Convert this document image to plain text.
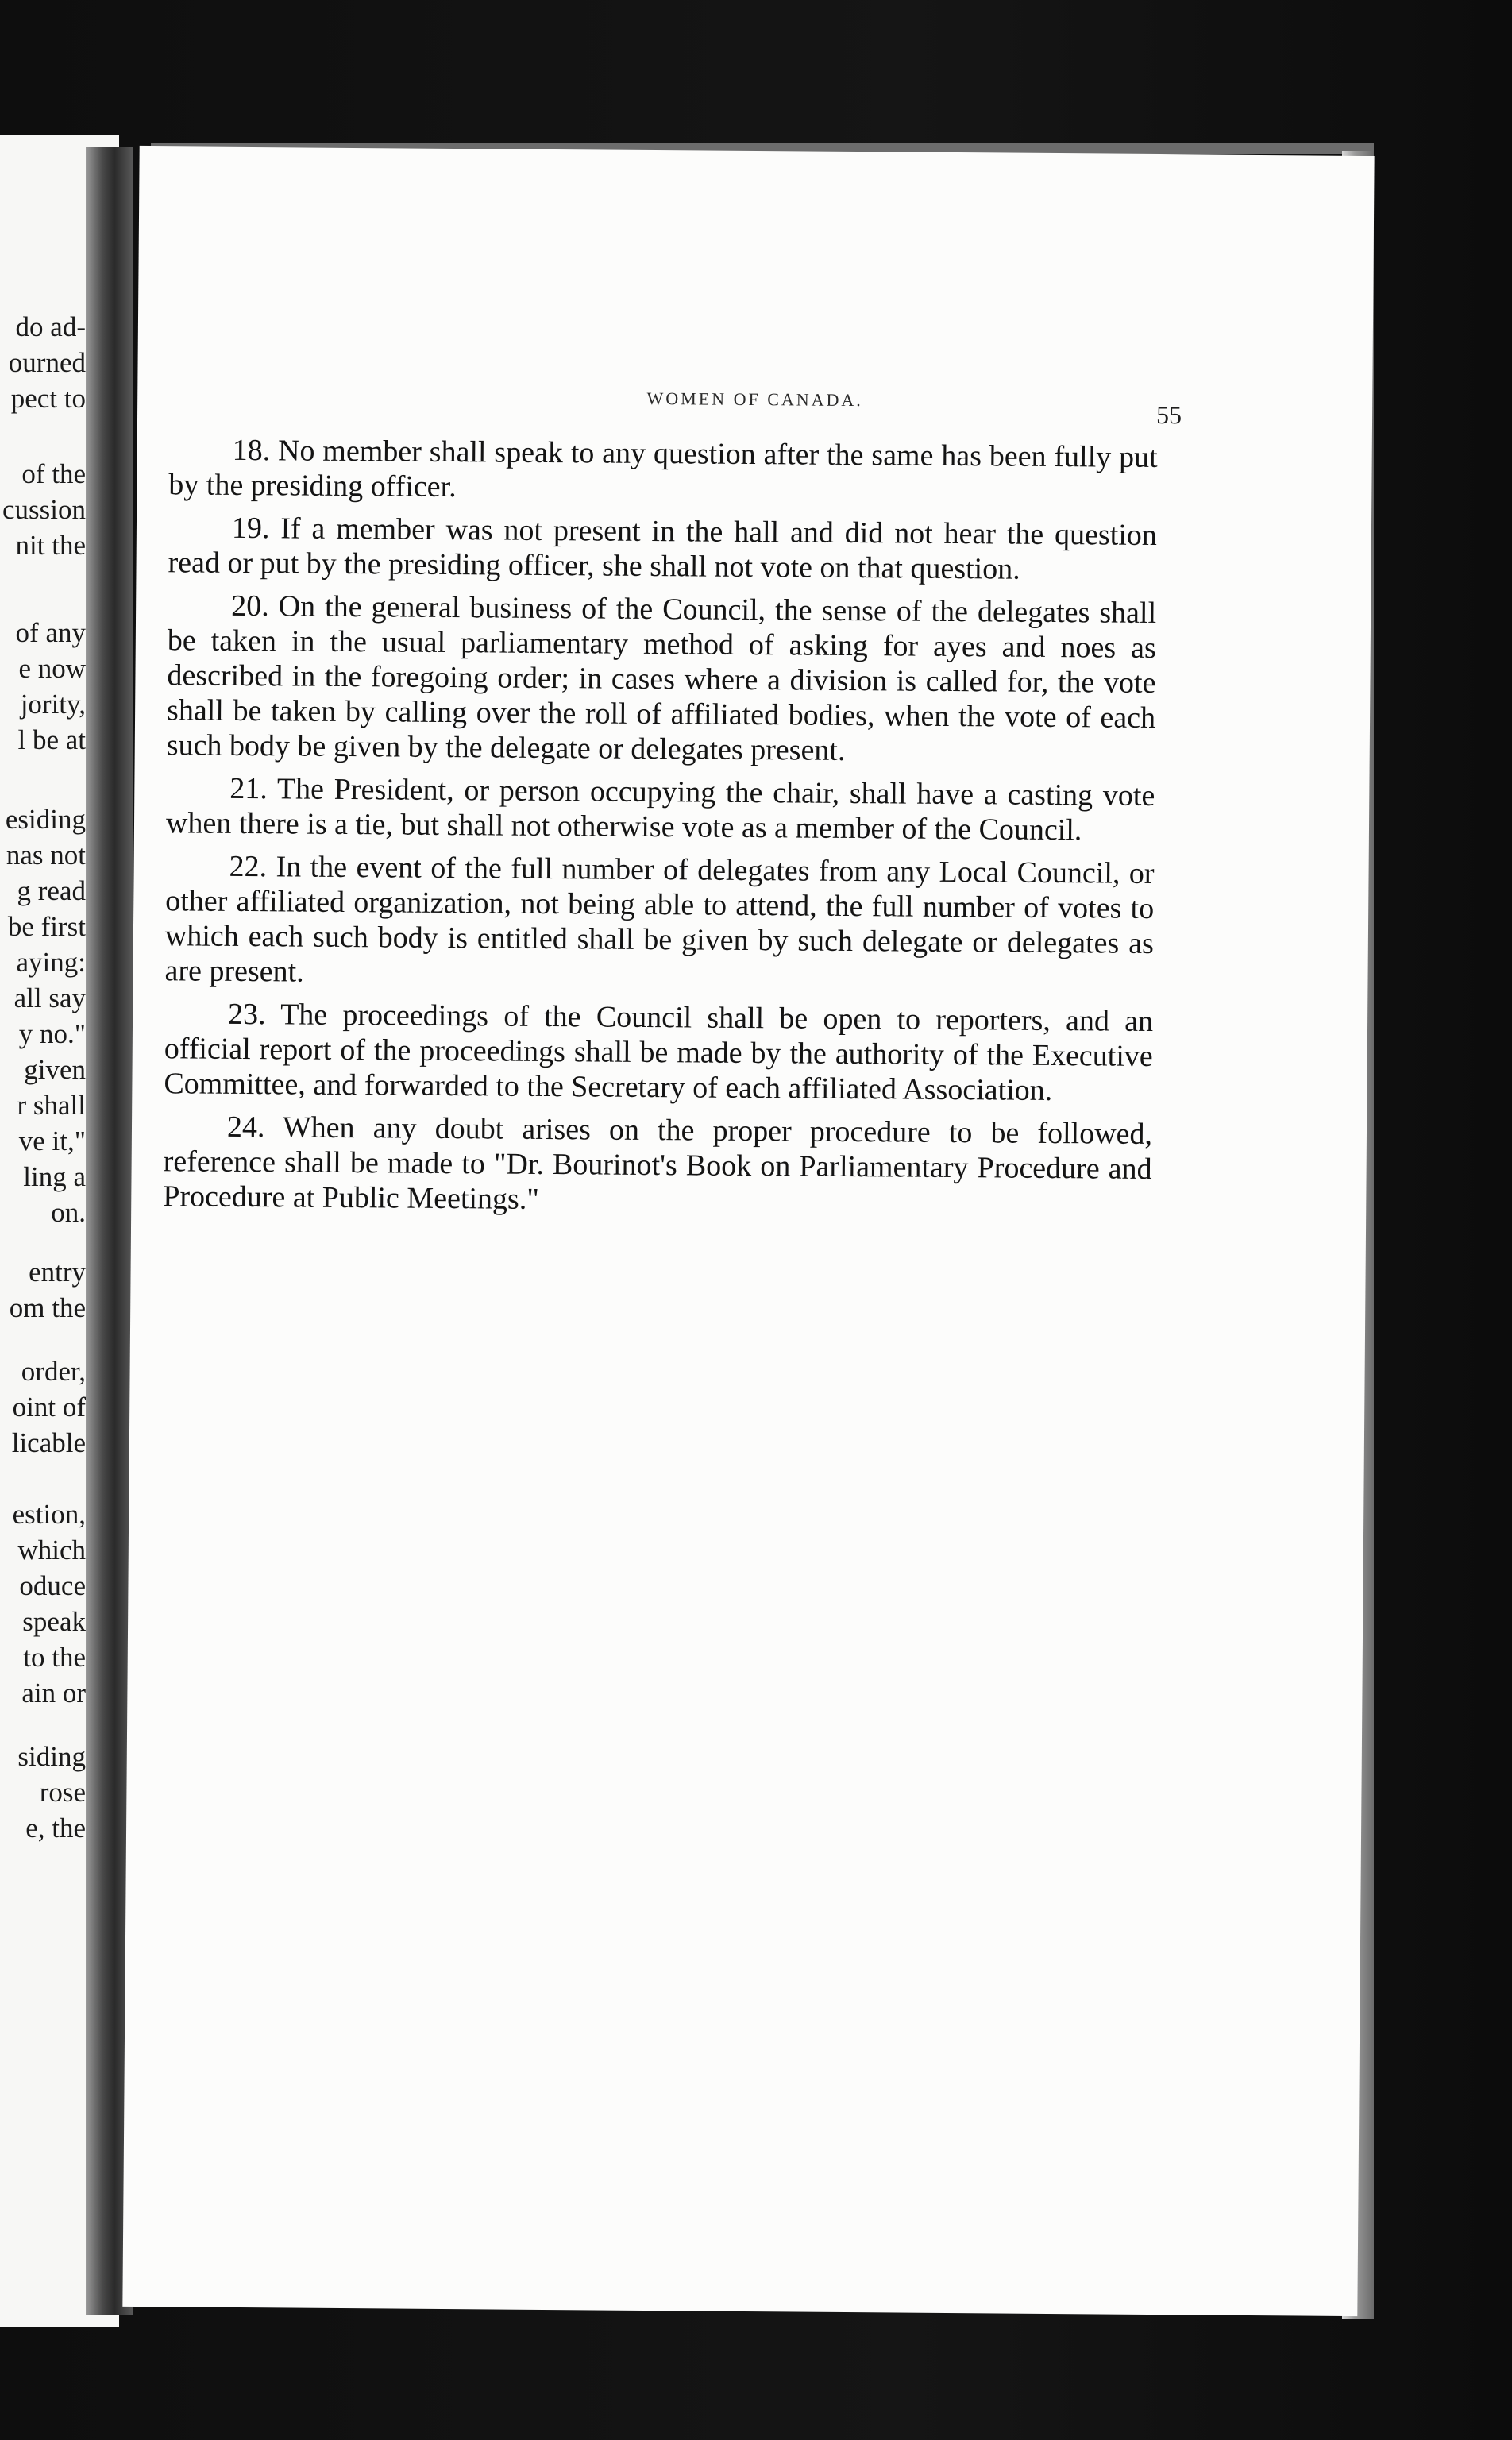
do ad-
ourned
pect to
of the
cussion
nit the
of any
e now
jority,
l be at
esiding
nas not
g read
be first
aying:
all say
y no."
given
r shall
ve it,"
ling a
on.
entry
om the
order,
oint of
licable
estion,
which
oduce
speak
to the
ain or
siding
rose
e, the
WOMEN OF CANADA.
55

18. No member shall speak to any question after the same has been fully put by the presiding officer.

19. If a member was not present in the hall and did not hear the question read or put by the presiding officer, she shall not vote on that question.

20. On the general business of the Council, the sense of the delegates shall be taken in the usual parliamentary method of asking for ayes and noes as described in the foregoing order; in cases where a division is called for, the vote shall be taken by calling over the roll of affiliated bodies, when the vote of each such body be given by the delegate or delegates present.

21. The President, or person occupying the chair, shall have a casting vote when there is a tie, but shall not otherwise vote as a member of the Council.

22. In the event of the full number of delegates from any Local Council, or other affiliated organization, not being able to attend, the full number of votes to which each such body is entitled shall be given by such delegate or delegates as are present.

23. The proceedings of the Council shall be open to reporters, and an official report of the proceedings shall be made by the authority of the Executive Committee, and forwarded to the Secretary of each affiliated Association.

24. When any doubt arises on the proper procedure to be followed, reference shall be made to "Dr. Bourinot's Book on Parliamentary Procedure and Procedure at Public Meetings."
